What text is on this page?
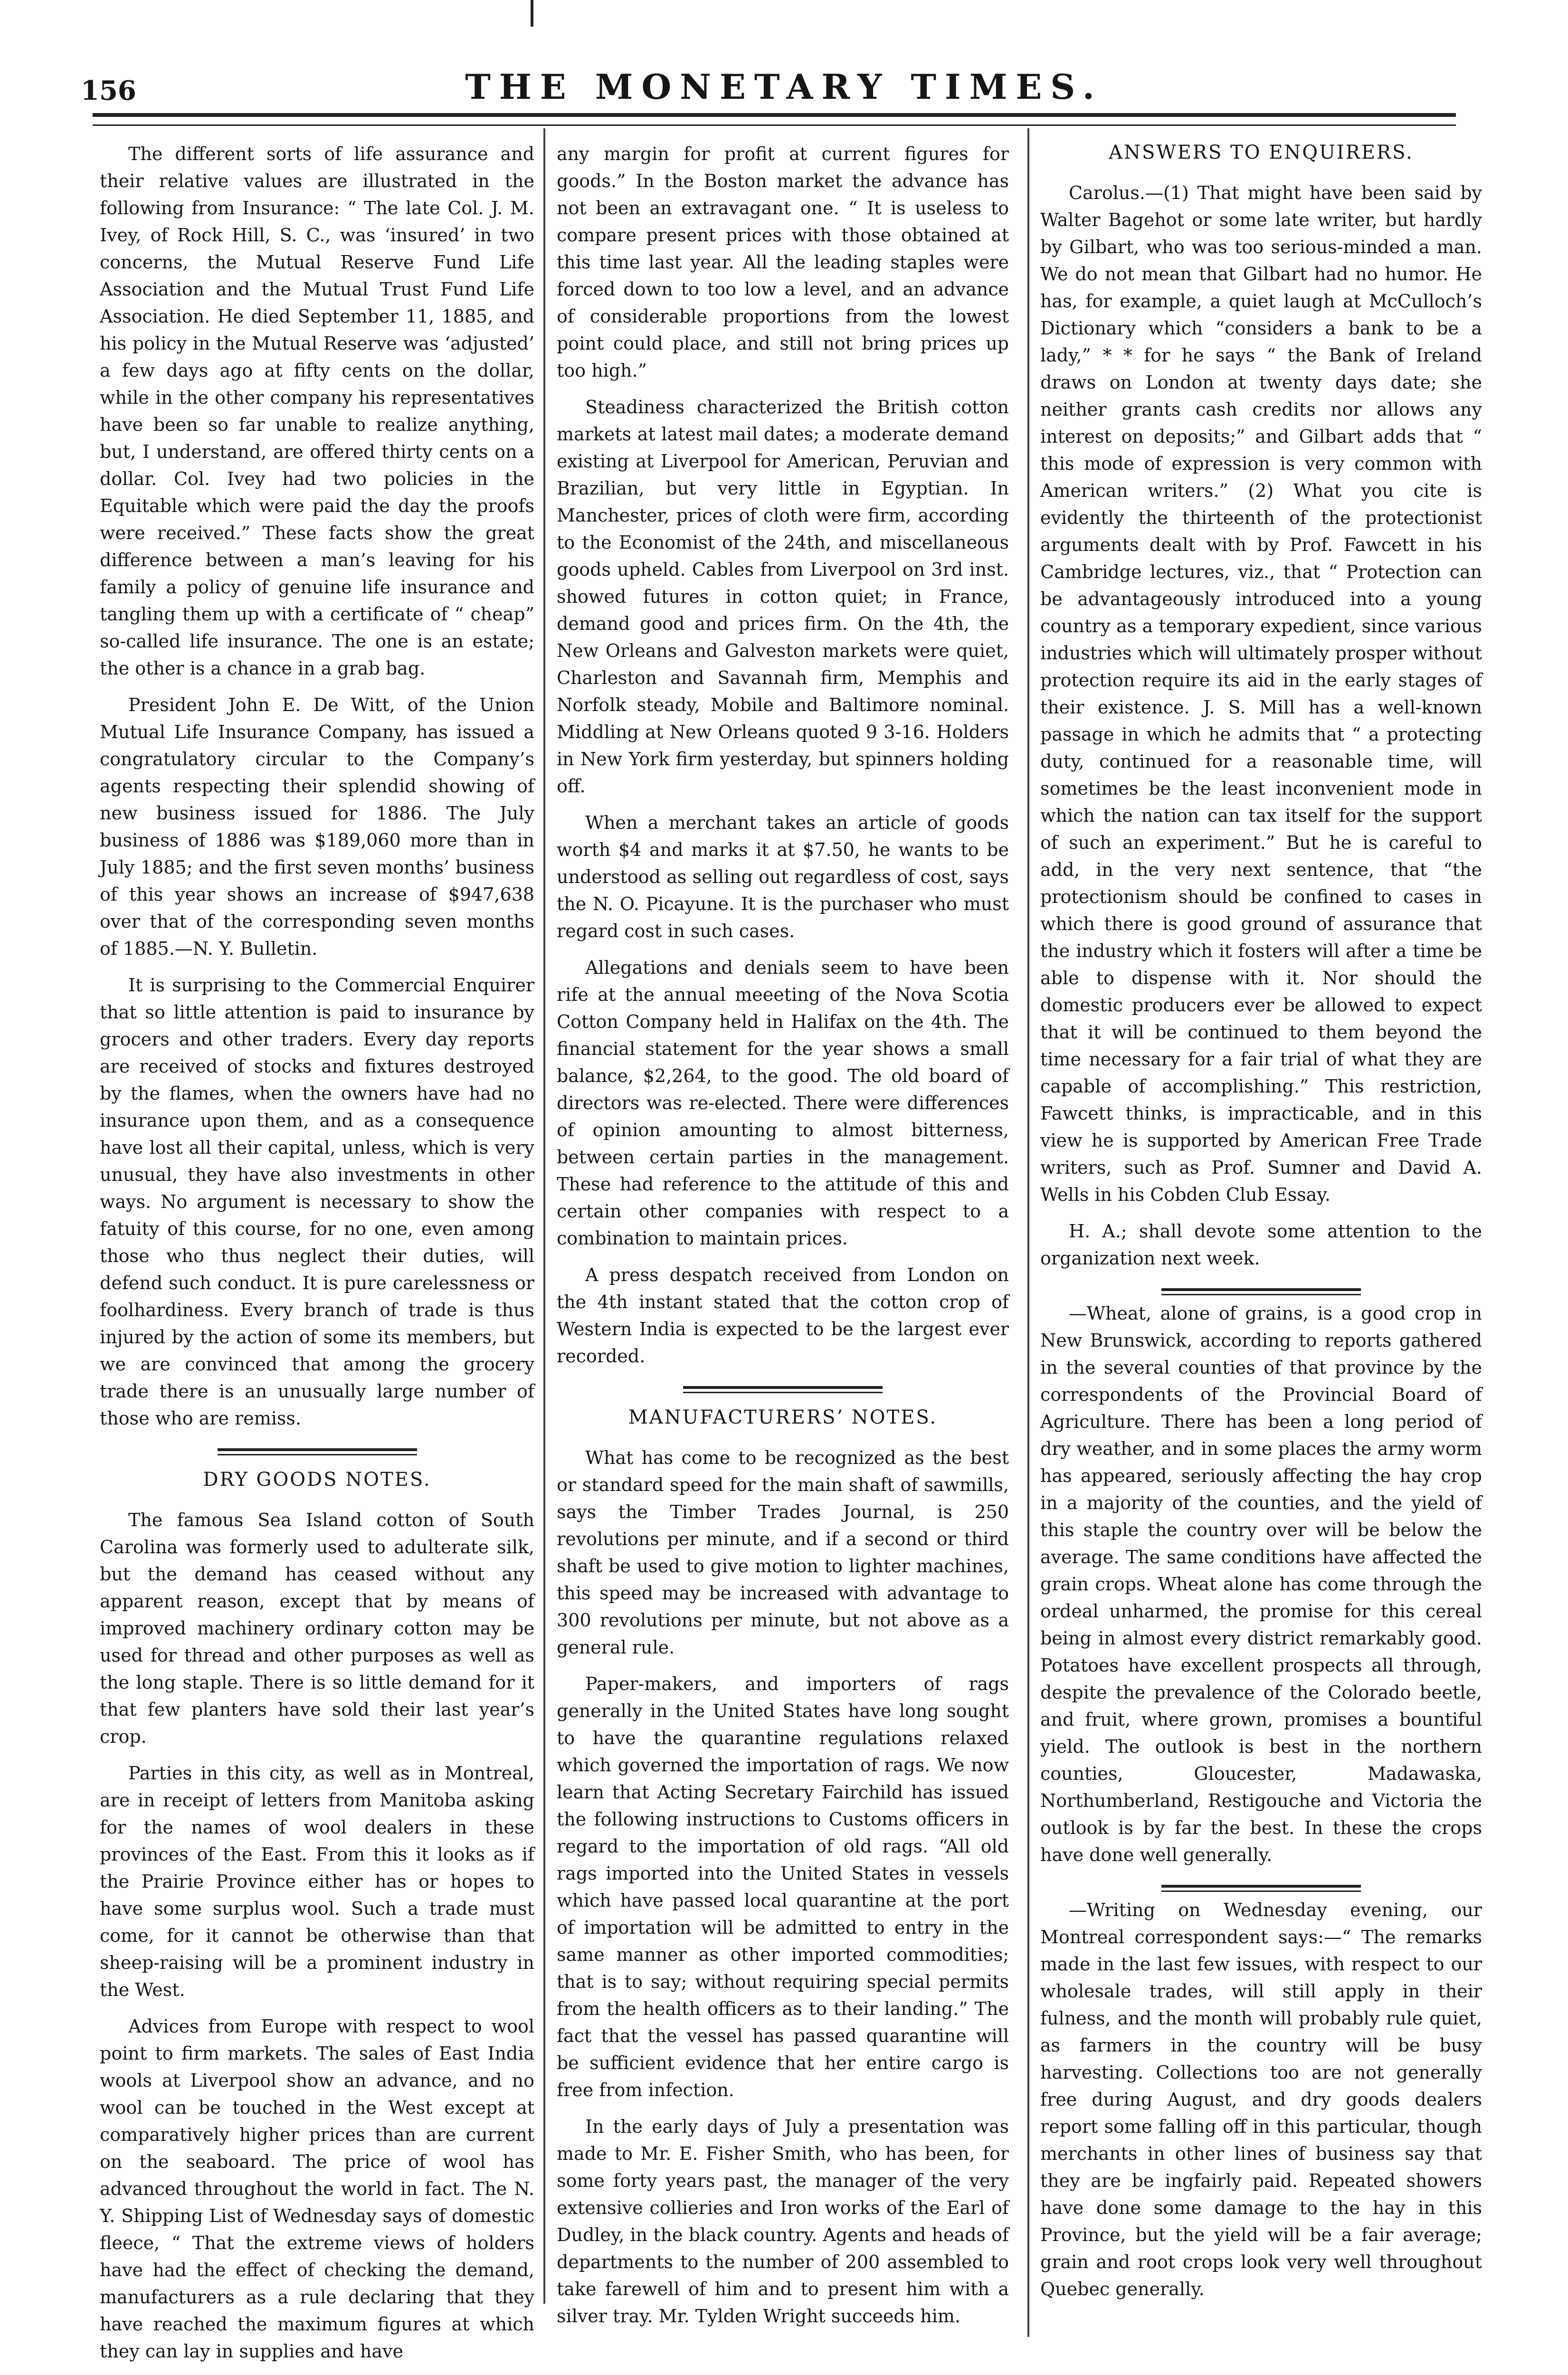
156	THE MONETARY TIMES.

The different sorts of life assurance and their relative values are illustrated in the following from Insurance: “ The late Col. J. M. Ivey, of Rock Hill, S. C., was ‘insured’ in two concerns, the Mutual Reserve Fund Life Association and the Mutual Trust Fund Life Association. He died September 11, 1885, and his policy in the Mutual Reserve was ‘adjusted’ a few days ago at fifty cents on the dollar, while in the other company his representatives have been so far unable to realize anything, but, I understand, are offered thirty cents on a dollar. Col. Ivey had two policies in the Equitable which were paid the day the proofs were received.” These facts show the great difference between a man’s leaving for his family a policy of genuine life insurance and tangling them up with a certificate of “ cheap” so-called life insurance. The one is an estate; the other is a chance in a grab bag.

President John E. De Witt, of the Union Mutual Life Insurance Company, has issued a congratulatory circular to the Company’s agents respecting their splendid showing of new business issued for 1886. The July business of 1886 was $189,060 more than in July 1885; and the first seven months’ business of this year shows an increase of $947,638 over that of the corresponding seven months of 1885.—N. Y. Bulletin.

It is surprising to the Commercial Enquirer that so little attention is paid to insurance by grocers and other traders. Every day reports are received of stocks and fixtures destroyed by the flames, when the owners have had no insurance upon them, and as a consequence have lost all their capital, unless, which is very unusual, they have also investments in other ways. No argument is necessary to show the fatuity of this course, for no one, even among those who thus neglect their duties, will defend such conduct. It is pure carelessness or foolhardiness. Every branch of trade is thus injured by the action of some its members, but we are convinced that among the grocery trade there is an unusually large number of those who are remiss.

DRY GOODS NOTES.

The famous Sea Island cotton of South Carolina was formerly used to adulterate silk, but the demand has ceased without any apparent reason, except that by means of improved machinery ordinary cotton may be used for thread and other purposes as well as the long staple. There is so little demand for it that few planters have sold their last year’s crop.

Parties in this city, as well as in Montreal, are in receipt of letters from Manitoba asking for the names of wool dealers in these provinces of the East. From this it looks as if the Prairie Province either has or hopes to have some surplus wool. Such a trade must come, for it cannot be otherwise than that sheep-raising will be a prominent industry in the West.

Advices from Europe with respect to wool point to firm markets. The sales of East India wools at Liverpool show an advance, and no wool can be touched in the West except at comparatively higher prices than are current on the seaboard. The price of wool has advanced throughout the world in fact. The N. Y. Shipping List of Wednesday says of domestic fleece, “ That the extreme views of holders have had the effect of checking the demand, manufacturers as a rule declaring that they have reached the maximum figures at which they can lay in supplies and have

any margin for profit at current figures for goods.” In the Boston market the advance has not been an extravagant one. “ It is useless to compare present prices with those obtained at this time last year. All the leading staples were forced down to too low a level, and an advance of considerable proportions from the lowest point could place, and still not bring prices up too high.”

Steadiness characterized the British cotton markets at latest mail dates; a moderate demand existing at Liverpool for American, Peruvian and Brazilian, but very little in Egyptian. In Manchester, prices of cloth were firm, according to the Economist of the 24th, and miscellaneous goods upheld. Cables from Liverpool on 3rd inst. showed futures in cotton quiet; in France, demand good and prices firm. On the 4th, the New Orleans and Galveston markets were quiet, Charleston and Savannah firm, Memphis and Norfolk steady, Mobile and Baltimore nominal. Middling at New Orleans quoted 9 3-16. Holders in New York firm yesterday, but spinners holding off.

When a merchant takes an article of goods worth $4 and marks it at $7.50, he wants to be understood as selling out regardless of cost, says the N. O. Picayune. It is the purchaser who must regard cost in such cases.

Allegations and denials seem to have been rife at the annual meeeting of the Nova Scotia Cotton Company held in Halifax on the 4th. The financial statement for the year shows a small balance, $2,264, to the good. The old board of directors was re-elected. There were differences of opinion amounting to almost bitterness, between certain parties in the management. These had reference to the attitude of this and certain other companies with respect to a combination to maintain prices.

A press despatch received from London on the 4th instant stated that the cotton crop of Western India is expected to be the largest ever recorded.

MANUFACTURERS’ NOTES.

What has come to be recognized as the best or standard speed for the main shaft of sawmills, says the Timber Trades Journal, is 250 revolutions per minute, and if a second or third shaft be used to give motion to lighter machines, this speed may be increased with advantage to 300 revolutions per minute, but not above as a general rule.

Paper-makers, and importers of rags generally in the United States have long sought to have the quarantine regulations relaxed which governed the importation of rags. We now learn that Acting Secretary Fairchild has issued the following instructions to Customs officers in regard to the importation of old rags. “All old rags imported into the United States in vessels which have passed local quarantine at the port of importation will be admitted to entry in the same manner as other imported commodities; that is to say; without requiring special permits from the health officers as to their landing.” The fact that the vessel has passed quarantine will be sufficient evidence that her entire cargo is free from infection.

In the early days of July a presentation was made to Mr. E. Fisher Smith, who has been, for some forty years past, the manager of the very extensive collieries and Iron works of the Earl of Dudley, in the black country. Agents and heads of departments to the number of 200 assembled to take farewell of him and to present him with a silver tray. Mr. Tylden Wright succeeds him.

ANSWERS TO ENQUIRERS.

Carolus.—(1) That might have been said by Walter Bagehot or some late writer, but hardly by Gilbart, who was too serious-minded a man. We do not mean that Gilbart had no humor. He has, for example, a quiet laugh at McCulloch’s Dictionary which “considers a bank to be a lady,” * * for he says “ the Bank of Ireland draws on London at twenty days date; she neither grants cash credits nor allows any interest on deposits;” and Gilbart adds that “ this mode of expression is very common with American writers.” (2) What you cite is evidently the thirteenth of the protectionist arguments dealt with by Prof. Fawcett in his Cambridge lectures, viz., that “ Protection can be advantageously introduced into a young country as a temporary expedient, since various industries which will ultimately prosper without protection require its aid in the early stages of their existence. J. S. Mill has a well-known passage in which he admits that “ a protecting duty, continued for a reasonable time, will sometimes be the least inconvenient mode in which the nation can tax itself for the support of such an experiment.” But he is careful to add, in the very next sentence, that “the protectionism should be confined to cases in which there is good ground of assurance that the industry which it fosters will after a time be able to dispense with it. Nor should the domestic producers ever be allowed to expect that it will be continued to them beyond the time necessary for a fair trial of what they are capable of accomplishing.” This restriction, Fawcett thinks, is impracticable, and in this view he is supported by American Free Trade writers, such as Prof. Sumner and David A. Wells in his Cobden Club Essay.

H. A.; shall devote some attention to the organization next week.

—Wheat, alone of grains, is a good crop in New Brunswick, according to reports gathered in the several counties of that province by the correspondents of the Provincial Board of Agriculture. There has been a long period of dry weather, and in some places the army worm has appeared, seriously affecting the hay crop in a majority of the counties, and the yield of this staple the country over will be below the average. The same conditions have affected the grain crops. Wheat alone has come through the ordeal unharmed, the promise for this cereal being in almost every district remarkably good. Potatoes have excellent prospects all through, despite the prevalence of the Colorado beetle, and fruit, where grown, promises a bountiful yield. The outlook is best in the northern counties, Gloucester, Madawaska, Northumberland, Restigouche and Victoria the outlook is by far the best. In these the crops have done well generally.

—Writing on Wednesday evening, our Montreal correspondent says:—“ The remarks made in the last few issues, with respect to our wholesale trades, will still apply in their fulness, and the month will probably rule quiet, as farmers in the country will be busy harvesting. Collections too are not generally free during August, and dry goods dealers report some falling off in this particular, though merchants in other lines of business say that they are be ingfairly paid. Repeated showers have done some damage to the hay in this Province, but the yield will be a fair average; grain and root crops look very well throughout Quebec generally.
